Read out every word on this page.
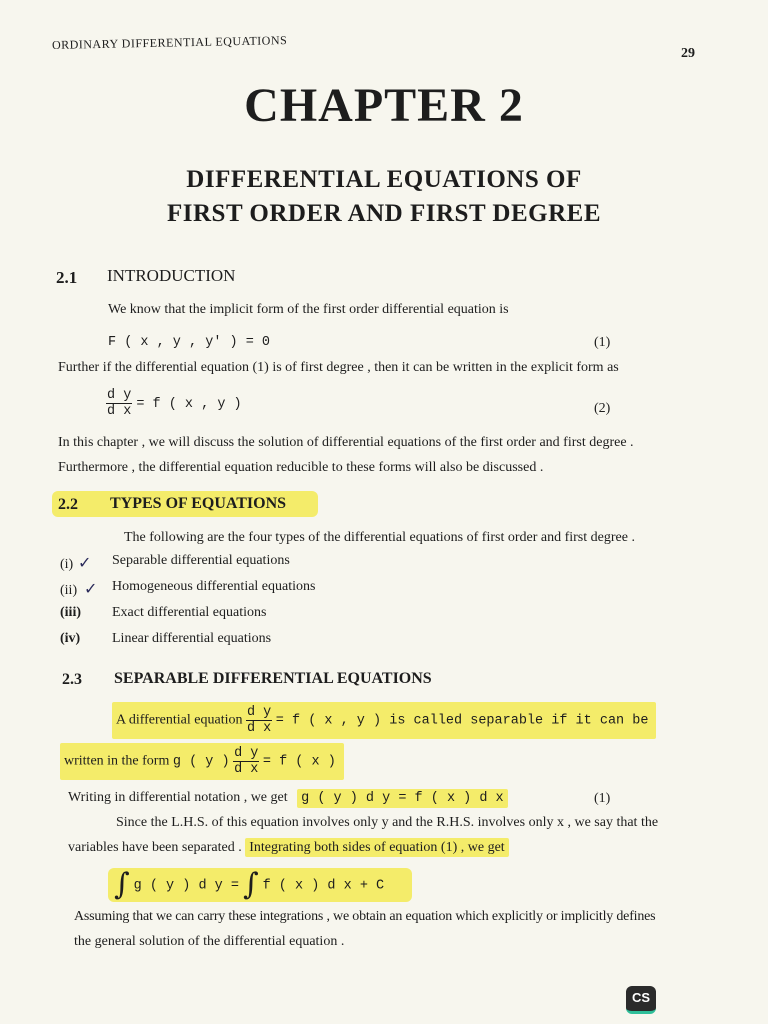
ORDINARY DIFFERENTIAL EQUATIONS
29
CHAPTER 2
DIFFERENTIAL EQUATIONS OF
FIRST ORDER AND FIRST DEGREE
2.1 INTRODUCTION
We know that the implicit form of the first order differential equation is
F ( x , y , y′ ) = 0	(1)
Further if the differential equation (1) is of first degree , then it can be written in the explicit form as
$\frac{\text{d y}}{\text{d x}} = f$ ( x , y )	(2)
In this chapter , we will discuss the solution of differential equations of the first order and first degree .
Furthermore , the differential equation reducible to these forms will also be discussed .
2.2 TYPES OF EQUATIONS
The following are the four types of the differential equations of first order and first degree .
(i) ✓ Separable differential equations
(ii) ✓ Homogeneous differential equations
(iii) Exact differential equations
(iv) Linear differential equations
2.3 SEPARABLE DIFFERENTIAL EQUATIONS
A differential equation $\frac{\text{d y}}{\text{d x}} = f$ ( x , y ) is called separable if it can be
written in the form g ( y ) $\frac{\text{d y}}{\text{d x}} = f$ ( x )
Writing in differential notation , we get g ( y ) d y = f ( x ) d x	(1)
Since the L.H.S. of this equation involves only y and the R.H.S. involves only x , we say that the
variables have been separated . Integrating both sides of equation (1) , we get
∫ g ( y ) d y = ∫ f ( x ) d x + C
Assuming that we can carry these integrations , we obtain an equation which explicitly or implicitly defines
the general solution of the differential equation .
CS
